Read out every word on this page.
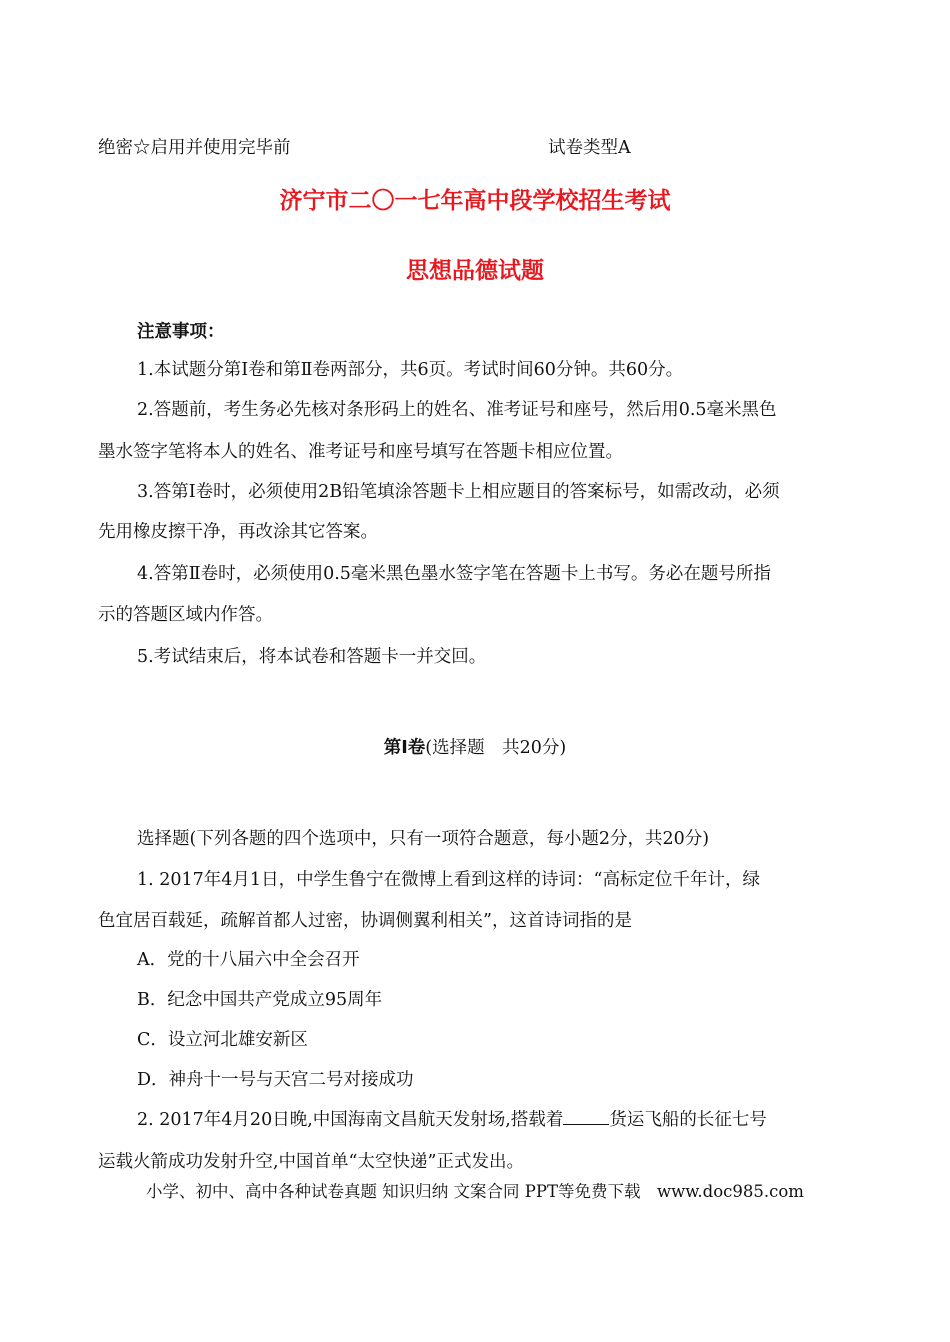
绝密☆启用并使用完毕前	试卷类型A
济宁市二〇一七年高中段学校招生考试
思想品德试题
注意事项：
1.本试题分第Ⅰ卷和第Ⅱ卷两部分，共6页。考试时间60分钟。共60分。
2.答题前，考生务必先核对条形码上的姓名、准考证号和座号，然后用0.5毫米黑色
墨水签字笔将本人的姓名、准考证号和座号填写在答题卡相应位置。
3.答第Ⅰ卷时，必须使用2B铅笔填涂答题卡上相应题目的答案标号，如需改动，必须
先用橡皮擦干净，再改涂其它答案。
4.答第Ⅱ卷时，必须使用0.5毫米黑色墨水签字笔在答题卡上书写。务必在题号所指
示的答题区域内作答。
5.考试结束后，将本试卷和答题卡一并交回。
第Ⅰ卷(选择题　共20分)
选择题(下列各题的四个选项中，只有一项符合题意，每小题2分，共20分)
1. 2017年4月1日，中学生鲁宁在微博上看到这样的诗词：“高标定位千年计，绿
色宜居百载延，疏解首都人过密，协调侧翼利相关”，这首诗词指的是
A．党的十八届六中全会召开
B．纪念中国共产党成立95周年
C．设立河北雄安新区
D．神舟十一号与天宫二号对接成功
2. 2017年4月20日晚,中国海南文昌航天发射场,搭载着	货运飞船的长征七号
运载火箭成功发射升空,中国首单“太空快递”正式发出。
小学、初中、高中各种试卷真题 知识归纳 文案合同 PPT等免费下载　www.doc985.com
